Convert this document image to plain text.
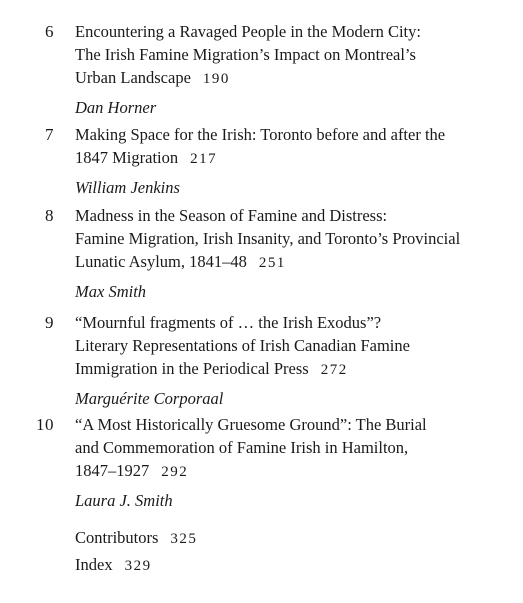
6 Encountering a Ravaged People in the Modern City:
The Irish Famine Migration’s Impact on Montreal’s
Urban Landscape 190
Dan Horner
7 Making Space for the Irish: Toronto before and after the
1847 Migration 217
William Jenkins
8 Madness in the Season of Famine and Distress:
Famine Migration, Irish Insanity, and Toronto’s Provincial
Lunatic Asylum, 1841–48 251
Max Smith
9 “Mournful fragments of … the Irish Exodus”?
Literary Representations of Irish Canadian Famine
Immigration in the Periodical Press 272
Marguérite Corporaal
10 “A Most Historically Gruesome Ground”: The Burial
and Commemoration of Famine Irish in Hamilton,
1847–1927 292
Laura J. Smith
Contributors 325
Index 329
